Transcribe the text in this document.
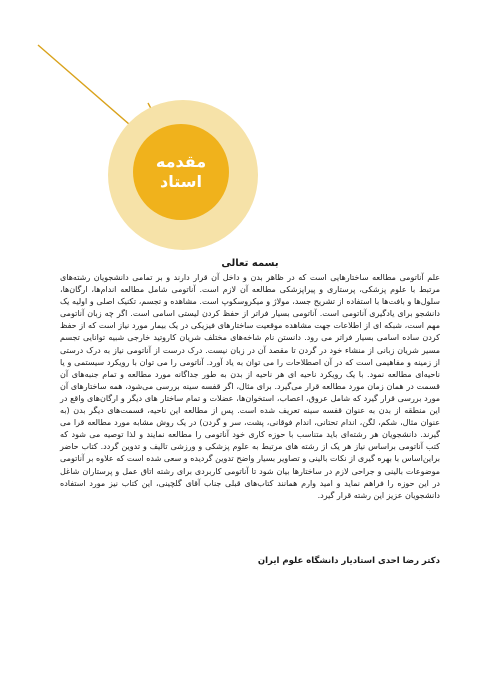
مقدمه
استاد
بسمه تعالی

علم آناتومی مطالعه ساختارهایی است که در ظاهر بدن و داخل آن قرار دارند و بر تمامی دانشجویان رشته‌های مرتبط با علوم پزشکی، پرستاری و پیراپزشکی مطالعه آن لازم است. آناتومی شامل مطالعه اندام‌ها، ارگان‌ها، سلول‌ها و بافت‌ها با استفاده از تشریح جسد، مولاژ و میکروسکوپ است. مشاهده و تجسم، تکنیک اصلی و اولیه یک دانشجو برای یادگیری آناتومی است. آناتومی بسیار فراتر از حفظ کردن لیستی اسامی است. اگر چه زبان آناتومی مهم است، شبکه ای از اطلاعات جهت مشاهده موقعیت ساختارهای فیزیکی در یک بیمار مورد نیاز است که از حفظ کردن ساده اسامی بسیار فراتر می رود. دانستن نام شاخه‌های مختلف شریان کاروتید خارجی شبیه توانایی تجسم مسیر شریان زبانی از منشاء خود در گردن تا مقصد آن در زبان نیست. درک درست از آناتومی نیاز به درک درستی از زمینه و مفاهیمی است که در آن اصطلاحات را می توان به یاد آورد. آناتومی را می توان با رویکرد سیستمی و یا ناحیه‌ای مطالعه نمود. با یک رویکرد ناحیه ای هر ناحیه از بدن به طور جداگانه مورد مطالعه و تمام جنبه‌های آن قسمت در همان زمان مورد مطالعه قرار می‌گیرد. برای مثال، اگر قفسه سینه بررسی می‌شود، همه ساختارهای آن مورد بررسی قرار گیرد که شامل عروق، اعصاب، استخوان‌ها، عضلات و تمام ساختار های دیگر و ارگان‌های واقع در این منطقه از بدن به عنوان قفسه سینه تعریف شده است. پس از مطالعه این ناحیه، قسمت‌های دیگر بدن (به عنوان مثال، شکم، لگن، اندام تحتانی، اندام فوقانی، پشت، سر و گردن) در یک روش مشابه مورد مطالعه قرا می گیرند. دانشجویان هر رشته‌ای باید متناسب با حوزه کاری خود آناتومی را مطالعه نمایند و لذا توصیه می شود که کتب آناتومی براساس نیاز هر یک از رشته های مرتبط به علوم پزشکی و ورزشی تالیف و تدوین گردد. کتاب حاضر براین‌اساس با بهره گیری از نکات بالینی و تصاویر بسیار واضح تدوین گردیده و سعی شده است که علاوه بر آناتومی موضوعات بالینی و جراحی لازم در ساختارها بیان شود تا آناتومی کاربردی برای رشته اتاق عمل و پرستاران شاغل در این حوزه را فراهم نماید و امید وارم همانند کتاب‌های قبلی جناب آقای گلچینی، این کتاب نیز مورد استفاده دانشجویان عزیز این رشته قرار گیرد.

دکتر رضا احدی استادیار دانشگاه علوم ایران
